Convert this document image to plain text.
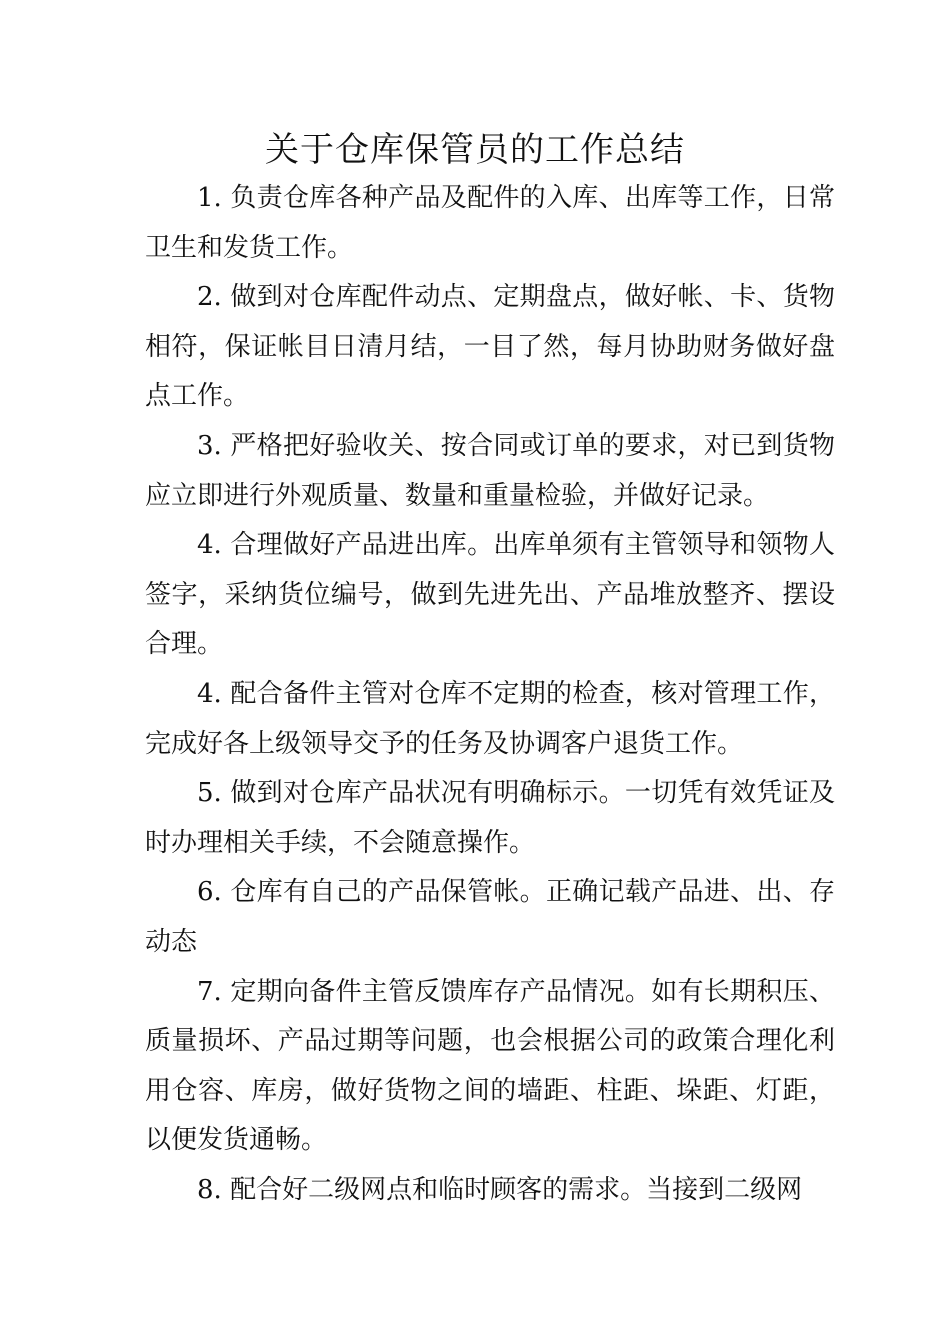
关于仓库保管员的工作总结

1. 负责仓库各种产品及配件的入库、出库等工作，日常卫生和发货工作。

2. 做到对仓库配件动点、定期盘点，做好帐、卡、货物相符，保证帐目日清月结，一目了然，每月协助财务做好盘点工作。

3. 严格把好验收关、按合同或订单的要求，对已到货物应立即进行外观质量、数量和重量检验，并做好记录。

4. 合理做好产品进出库。出库单须有主管领导和领物人签字，采纳货位编号，做到先进先出、产品堆放整齐、摆设合理。

4. 配合备件主管对仓库不定期的检查，核对管理工作，完成好各上级领导交予的任务及协调客户退货工作。

5. 做到对仓库产品状况有明确标示。一切凭有效凭证及时办理相关手续，不会随意操作。

6. 仓库有自己的产品保管帐。正确记载产品进、出、存动态

7. 定期向备件主管反馈库存产品情况。如有长期积压、质量损坏、产品过期等问题，也会根据公司的政策合理化利用仓容、库房，做好货物之间的墙距、柱距、垛距、灯距，以便发货通畅。

8. 配合好二级网点和临时顾客的需求。当接到二级网
